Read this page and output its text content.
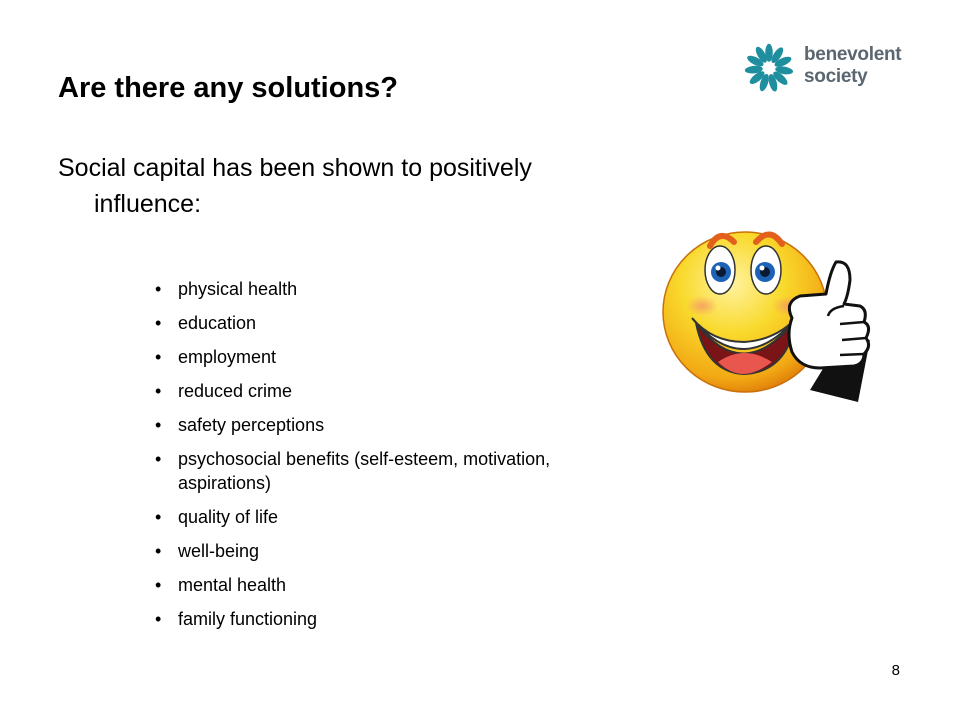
Are there any solutions?

Social capital has been shown to positively influence:

• physical health
• education
• employment
• reduced crime
• safety perceptions
• psychosocial benefits (self-esteem, motivation, aspirations)
• quality of life
• well-being
• mental health
• family functioning
benevolent
society
8
